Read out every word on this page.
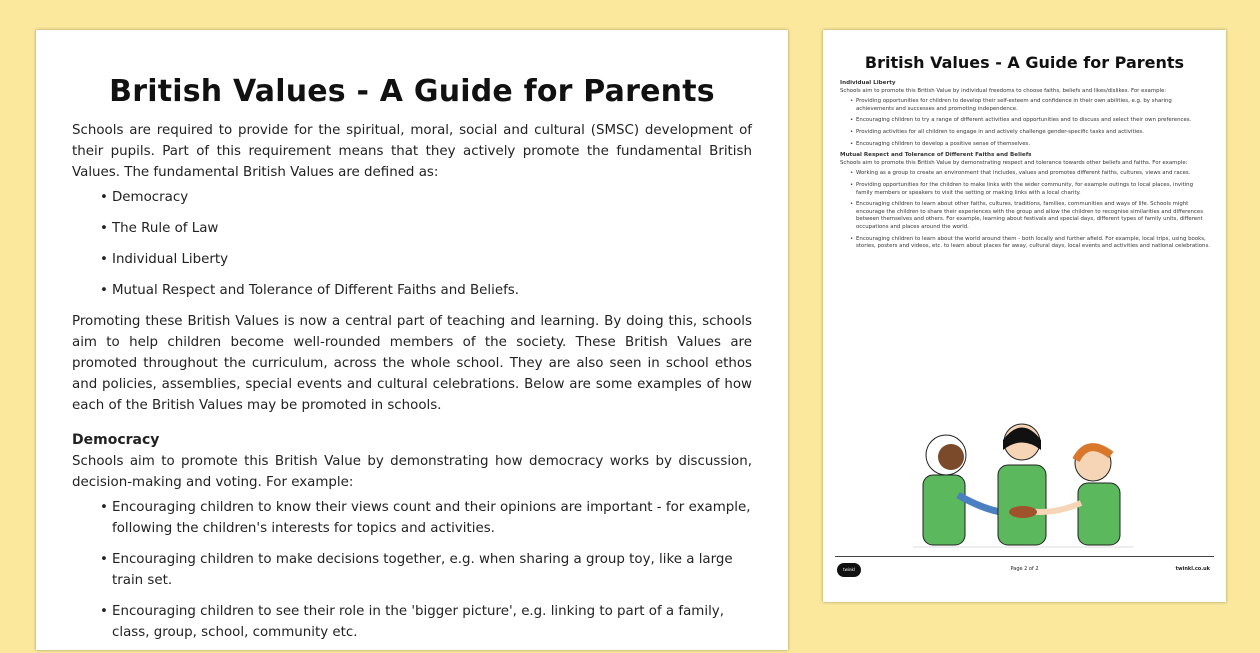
British Values - A Guide for Parents

Schools are required to provide for the spiritual, moral, social and cultural (SMSC) development of their pupils. Part of this requirement means that they actively promote the fundamental British Values. The fundamental British Values are defined as:

• Democracy
• The Rule of Law
• Individual Liberty
• Mutual Respect and Tolerance of Different Faiths and Beliefs.

Promoting these British Values is now a central part of teaching and learning. By doing this, schools aim to help children become well-rounded members of the society. These British Values are promoted throughout the curriculum, across the whole school. They are also seen in school ethos and policies, assemblies, special events and cultural celebrations. Below are some examples of how each of the British Values may be promoted in schools.

Democracy

Schools aim to promote this British Value by demonstrating how democracy works by discussion, decision-making and voting. For example:

• Encouraging children to know their views count and their opinions are important - for example, following the children's interests for topics and activities.
• Encouraging children to make decisions together, e.g. when sharing a group toy, like a large train set.
• Encouraging children to see their role in the 'bigger picture', e.g. linking to part of a family, class, group, school, community etc.
British Values - A Guide for Parents
Individual Liberty

Schools aim to promote this British Value by individual freedoms to choose faiths, beliefs and likes/dislikes. For example:

• Providing opportunities for children to develop their self-esteem and confidence in their own abilities, e.g. by sharing achievements and successes and promoting independence.
• Encouraging children to try a range of different activities and opportunities and to discuss and select their own preferences.
• Providing activities for all children to engage in and actively challenge gender-specific tasks and activities.
• Encouraging children to develop a positive sense of themselves.
Mutual Respect and Tolerance of Different Faiths and Beliefs

Schools aim to promote this British Value by demonstrating respect and tolerance towards other beliefs and faiths. For example:

• Working as a group to create an environment that includes, values and promotes different faiths, cultures, views and races.
• Providing opportunities for the children to make links with the wider community, for example outings to local places, inviting family members or speakers to visit the setting or making links with a local charity.
• Encouraging children to learn about other faiths, cultures, traditions, families, communities and ways of life. Schools might encourage the children to share their experiences with the group and allow the children to recognise similarities and differences between themselves and others. For example, learning about festivals and special days, different types of family units, different occupations and places around the world.
• Encouraging children to learn about the world around them - both locally and further afield. For example, local trips, using books, stories, posters and videos, etc. to learn about places far away, cultural days, local events and activities and national celebrations.
twinkl	Page 2 of 2	twinkl.co.uk
